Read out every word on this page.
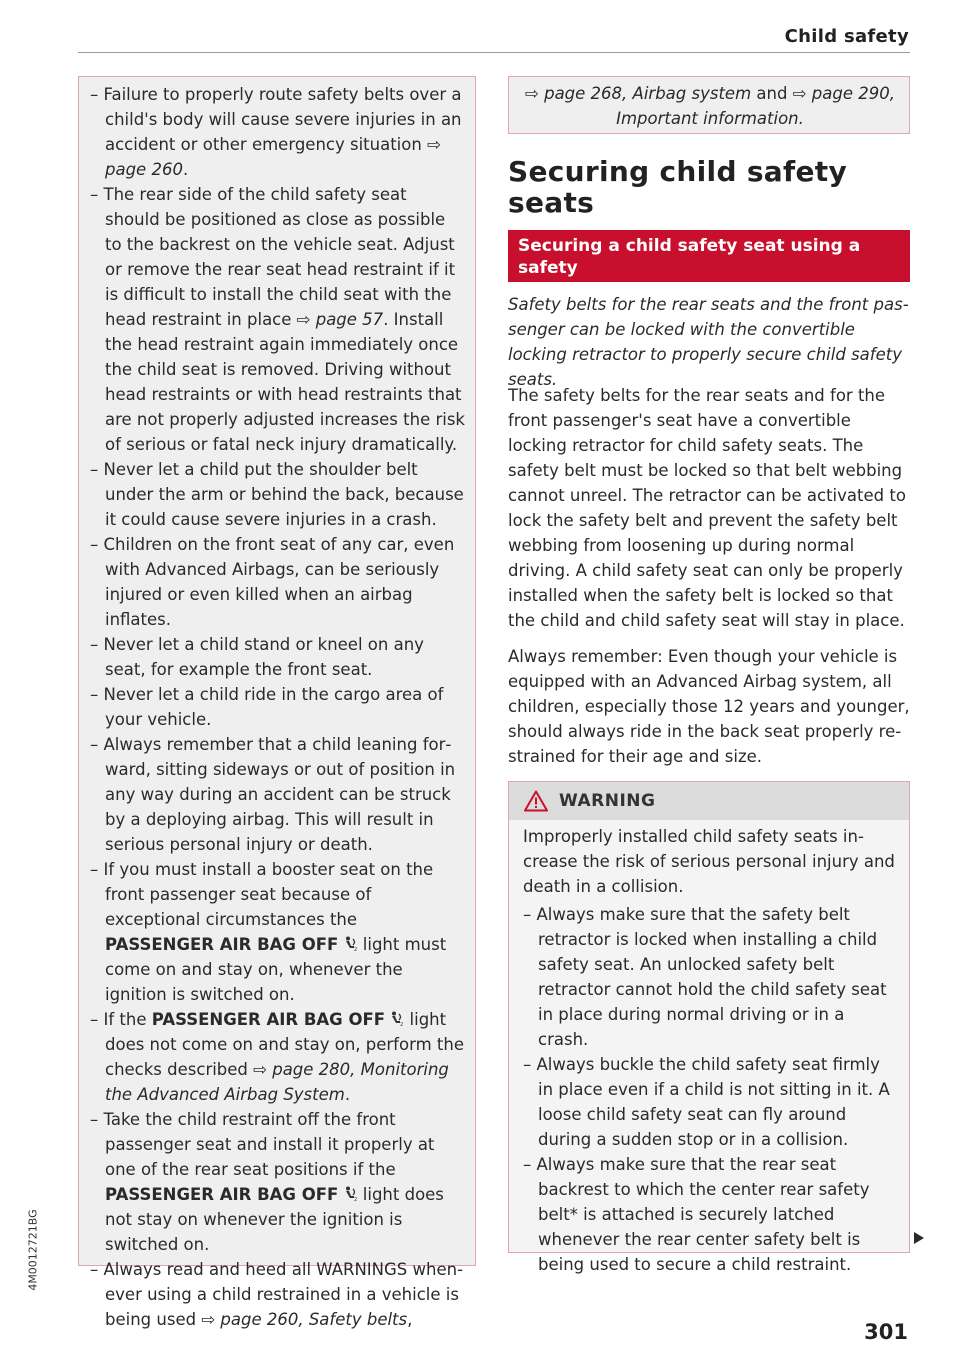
Child safety
4M0012721BG
– Failure to properly route safety belts over a child's body will cause severe injuries in an accident or other emergency situation ⇨ page 260.
– The rear side of the child safety seat should be positioned as close as possible to the backrest on the vehicle seat. Adjust or remove the rear seat head restraint if it is difficult to install the child seat with the head restraint in place ⇨ page 57. Install the head restraint again immediately once the child seat is removed. Driving without head restraints or with head restraints that are not properly adjusted increases the risk of serious or fatal neck injury dramatically.
– Never let a child put the shoulder belt under the arm or behind the back, because it could cause severe injuries in a crash.
– Children on the front seat of any car, even with Advanced Airbags, can be seriously injured or even killed when an airbag inflates.
– Never let a child stand or kneel on any seat, for example the front seat.
– Never let a child ride in the cargo area of your vehicle.
– Always remember that a child leaning forward, sitting sideways or out of position in any way during an accident can be struck by a deploying airbag. This will result in serious personal injury or death.
– If you must install a booster seat on the front passenger seat because of exceptional circumstances the PASSENGER AIR BAG OFF	2 light must come on and stay on, whenever the ignition is switched on.
– If the PASSENGER AIR BAG OFF	2 light does not come on and stay on, perform the checks described ⇨ page 280, Monitoring the Advanced Airbag System.
– Take the child restraint off the front passenger seat and install it properly at one of the rear seat positions if the PASSENGER AIR BAG OFF	2 light does not stay on whenever the ignition is switched on.
– Always read and heed all WARNINGS whenever using a child restrained in a vehicle is being used ⇨ page 260, Safety belts,
⇨ page 268, Airbag system and ⇨ page 290,
Important information.
Securing child safety
seats
Securing a child safety seat using a safety
belt

Safety belts for the rear seats and the front passenger can be locked with the convertible locking retractor to properly secure child safety seats.

The safety belts for the rear seats and for the front passenger's seat have a convertible locking retractor for child safety seats. The safety belt must be locked so that belt webbing cannot unreel. The retractor can be activated to lock the safety belt and prevent the safety belt webbing from loosening up during normal driving. A child safety seat can only be properly installed when the safety belt is locked so that the child and child safety seat will stay in place.

Always remember: Even though your vehicle is equipped with an Advanced Airbag system, all children, especially those 12 years and younger, should always ride in the back seat properly restrained for their age and size.

WARNING

Improperly installed child safety seats increase the risk of serious personal injury and death in a collision.

– Always make sure that the safety belt retractor is locked when installing a child safety seat. An unlocked safety belt retractor cannot hold the child safety seat in place during normal driving or in a crash.
– Always buckle the child safety seat firmly in place even if a child is not sitting in it. A loose child safety seat can fly around during a sudden stop or in a collision.
– Always make sure that the rear seat backrest to which the center rear safety belt* is attached is securely latched whenever the rear center safety belt is being used to secure a child restraint.
301
